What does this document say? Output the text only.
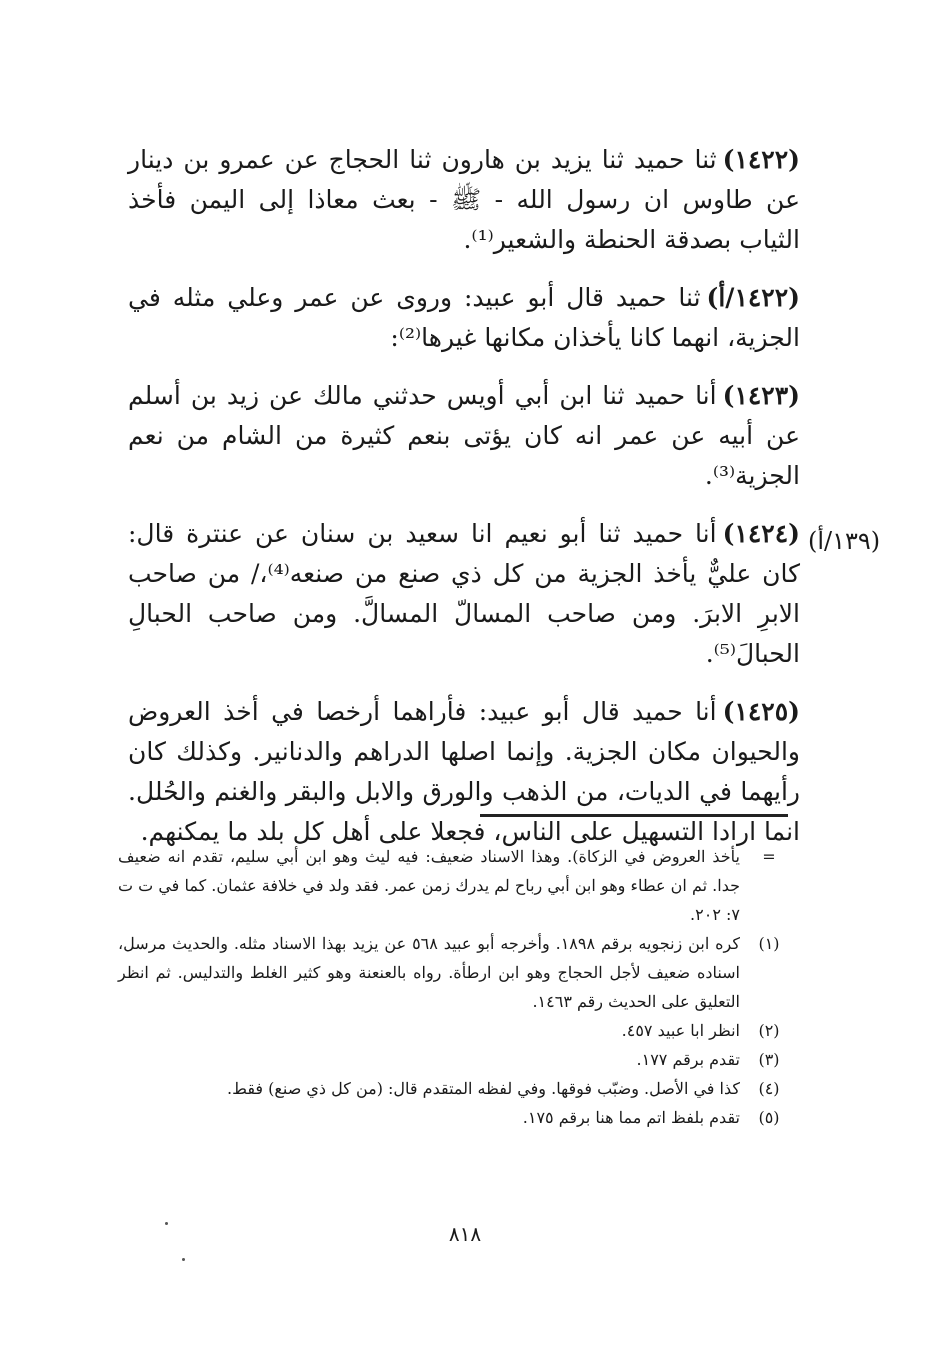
(١٤٢٢)ثنا حميد ثنا يزيد بن هارون ثنا الحجاج عن عمرو بن دينار عن طاوس ان رسول الله - ﷺ - بعث معاذا إلى اليمن فأخذ الثياب بصدقة الحنطة والشعير⁽¹⁾.

(١٤٢٢/أ)ثنا حميد قال أبو عبيد: وروى عن عمر وعلي مثله في الجزية، انهما كانا يأخذان مكانها غيرها⁽²⁾:

(١٤٢٣)أنا حميد ثنا ابن أبي أويس حدثني مالك عن زيد بن أسلم عن أبيه عن عمر انه كان يؤتى بنعم كثيرة من الشام من نعم الجزية⁽³⁾.

(١٤٢٤)أنا حميد ثنا أبو نعيم انا سعيد بن سنان عن عنترة قال: كان عليٌّ يأخذ الجزية من كل ذي صنع من صنعه⁽⁴⁾،/ من صاحب الابرِ الابرَ. ومن صاحب المسالّ المسالَّ. ومن صاحب الحبالِ الحبالَ⁽⁵⁾.

(١٤٢٥)أنا حميد قال أبو عبيد: فأراهما أرخصا في أخذ العروض والحيوان مكان الجزية. وإنما اصلها الدراهم والدنانير. وكذلك كان رأيهما في الديات، من الذهب والورق والابل والبقر والغنم والحُلل. انما ارادا التسهيل على الناس، فجعلا على أهل كل بلد ما يمكنهم.

(١٣٩/أ)
=
يأخذ العروض في الزكاة). وهذا الاسناد ضعيف: فيه ليث وهو ابن أبي سليم، تقدم انه ضعيف جدا. ثم ان عطاء وهو ابن أبي رباح لم يدرك زمن عمر. فقد ولد في خلافة عثمان. كما في ت ت ٧: ٢٠٢.
(١)
كره ابن زنجويه برقم ١٨٩٨. وأخرجه أبو عبيد ٥٦٨ عن يزيد بهذا الاسناد مثله. والحديث مرسل، اسناده ضعيف لأجل الحجاج وهو ابن ارطأة. رواه بالعنعنة وهو كثير الغلط والتدليس. ثم انظر التعليق على الحديث رقم ١٤٦٣.
(٢)
انظر ابا عبيد ٤٥٧.
(٣)
تقدم برقم ١٧٧.
(٤)
كذا في الأصل. وضبّب فوقها. وفي لفظه المتقدم قال: (من كل ذي صنع) فقط.
(٥)
تقدم بلفظ اتم مما هنا برقم ١٧٥.
٨١٨
